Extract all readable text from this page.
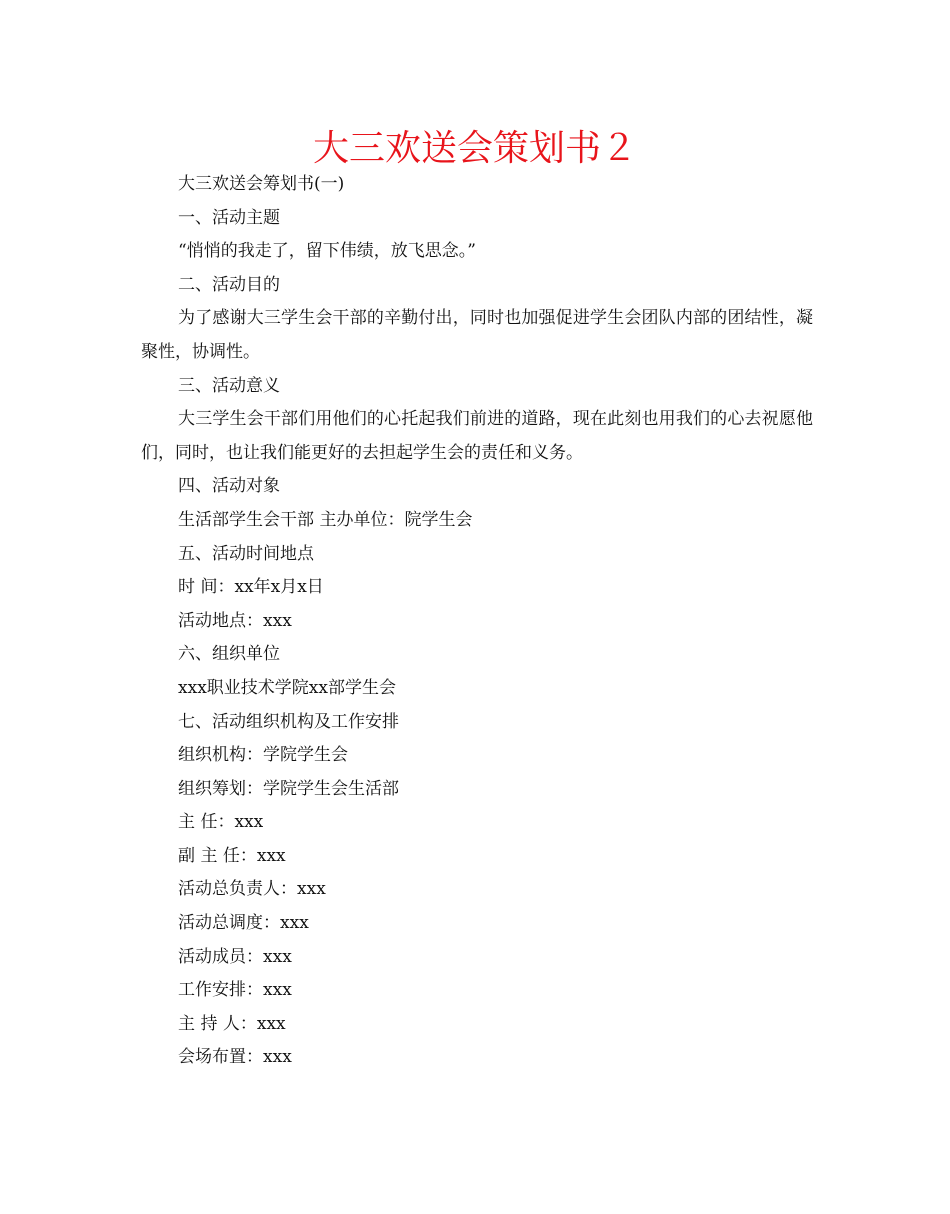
大三欢送会策划书２

大三欢送会筹划书(一)

一、活动主题

“悄悄的我走了，留下伟绩，放飞思念。”

二、活动目的

为了感谢大三学生会干部的辛勤付出，同时也加强促进学生会团队内部的团结性，凝聚性，协调性。

三、活动意义

大三学生会干部们用他们的心托起我们前进的道路，现在此刻也用我们的心去祝愿他们，同时，也让我们能更好的去担起学生会的责任和义务。

四、活动对象

生活部学生会干部 主办单位：院学生会

五、活动时间地点

时 间：xx年x月x日

活动地点：xxx

六、组织单位

xxx职业技术学院xx部学生会

七、活动组织机构及工作安排

组织机构：学院学生会

组织筹划：学院学生会生活部

主 任：xxx

副 主 任：xxx

活动总负责人：xxx

活动总调度：xxx

活动成员：xxx

工作安排：xxx

主 持 人：xxx

会场布置：xxx
